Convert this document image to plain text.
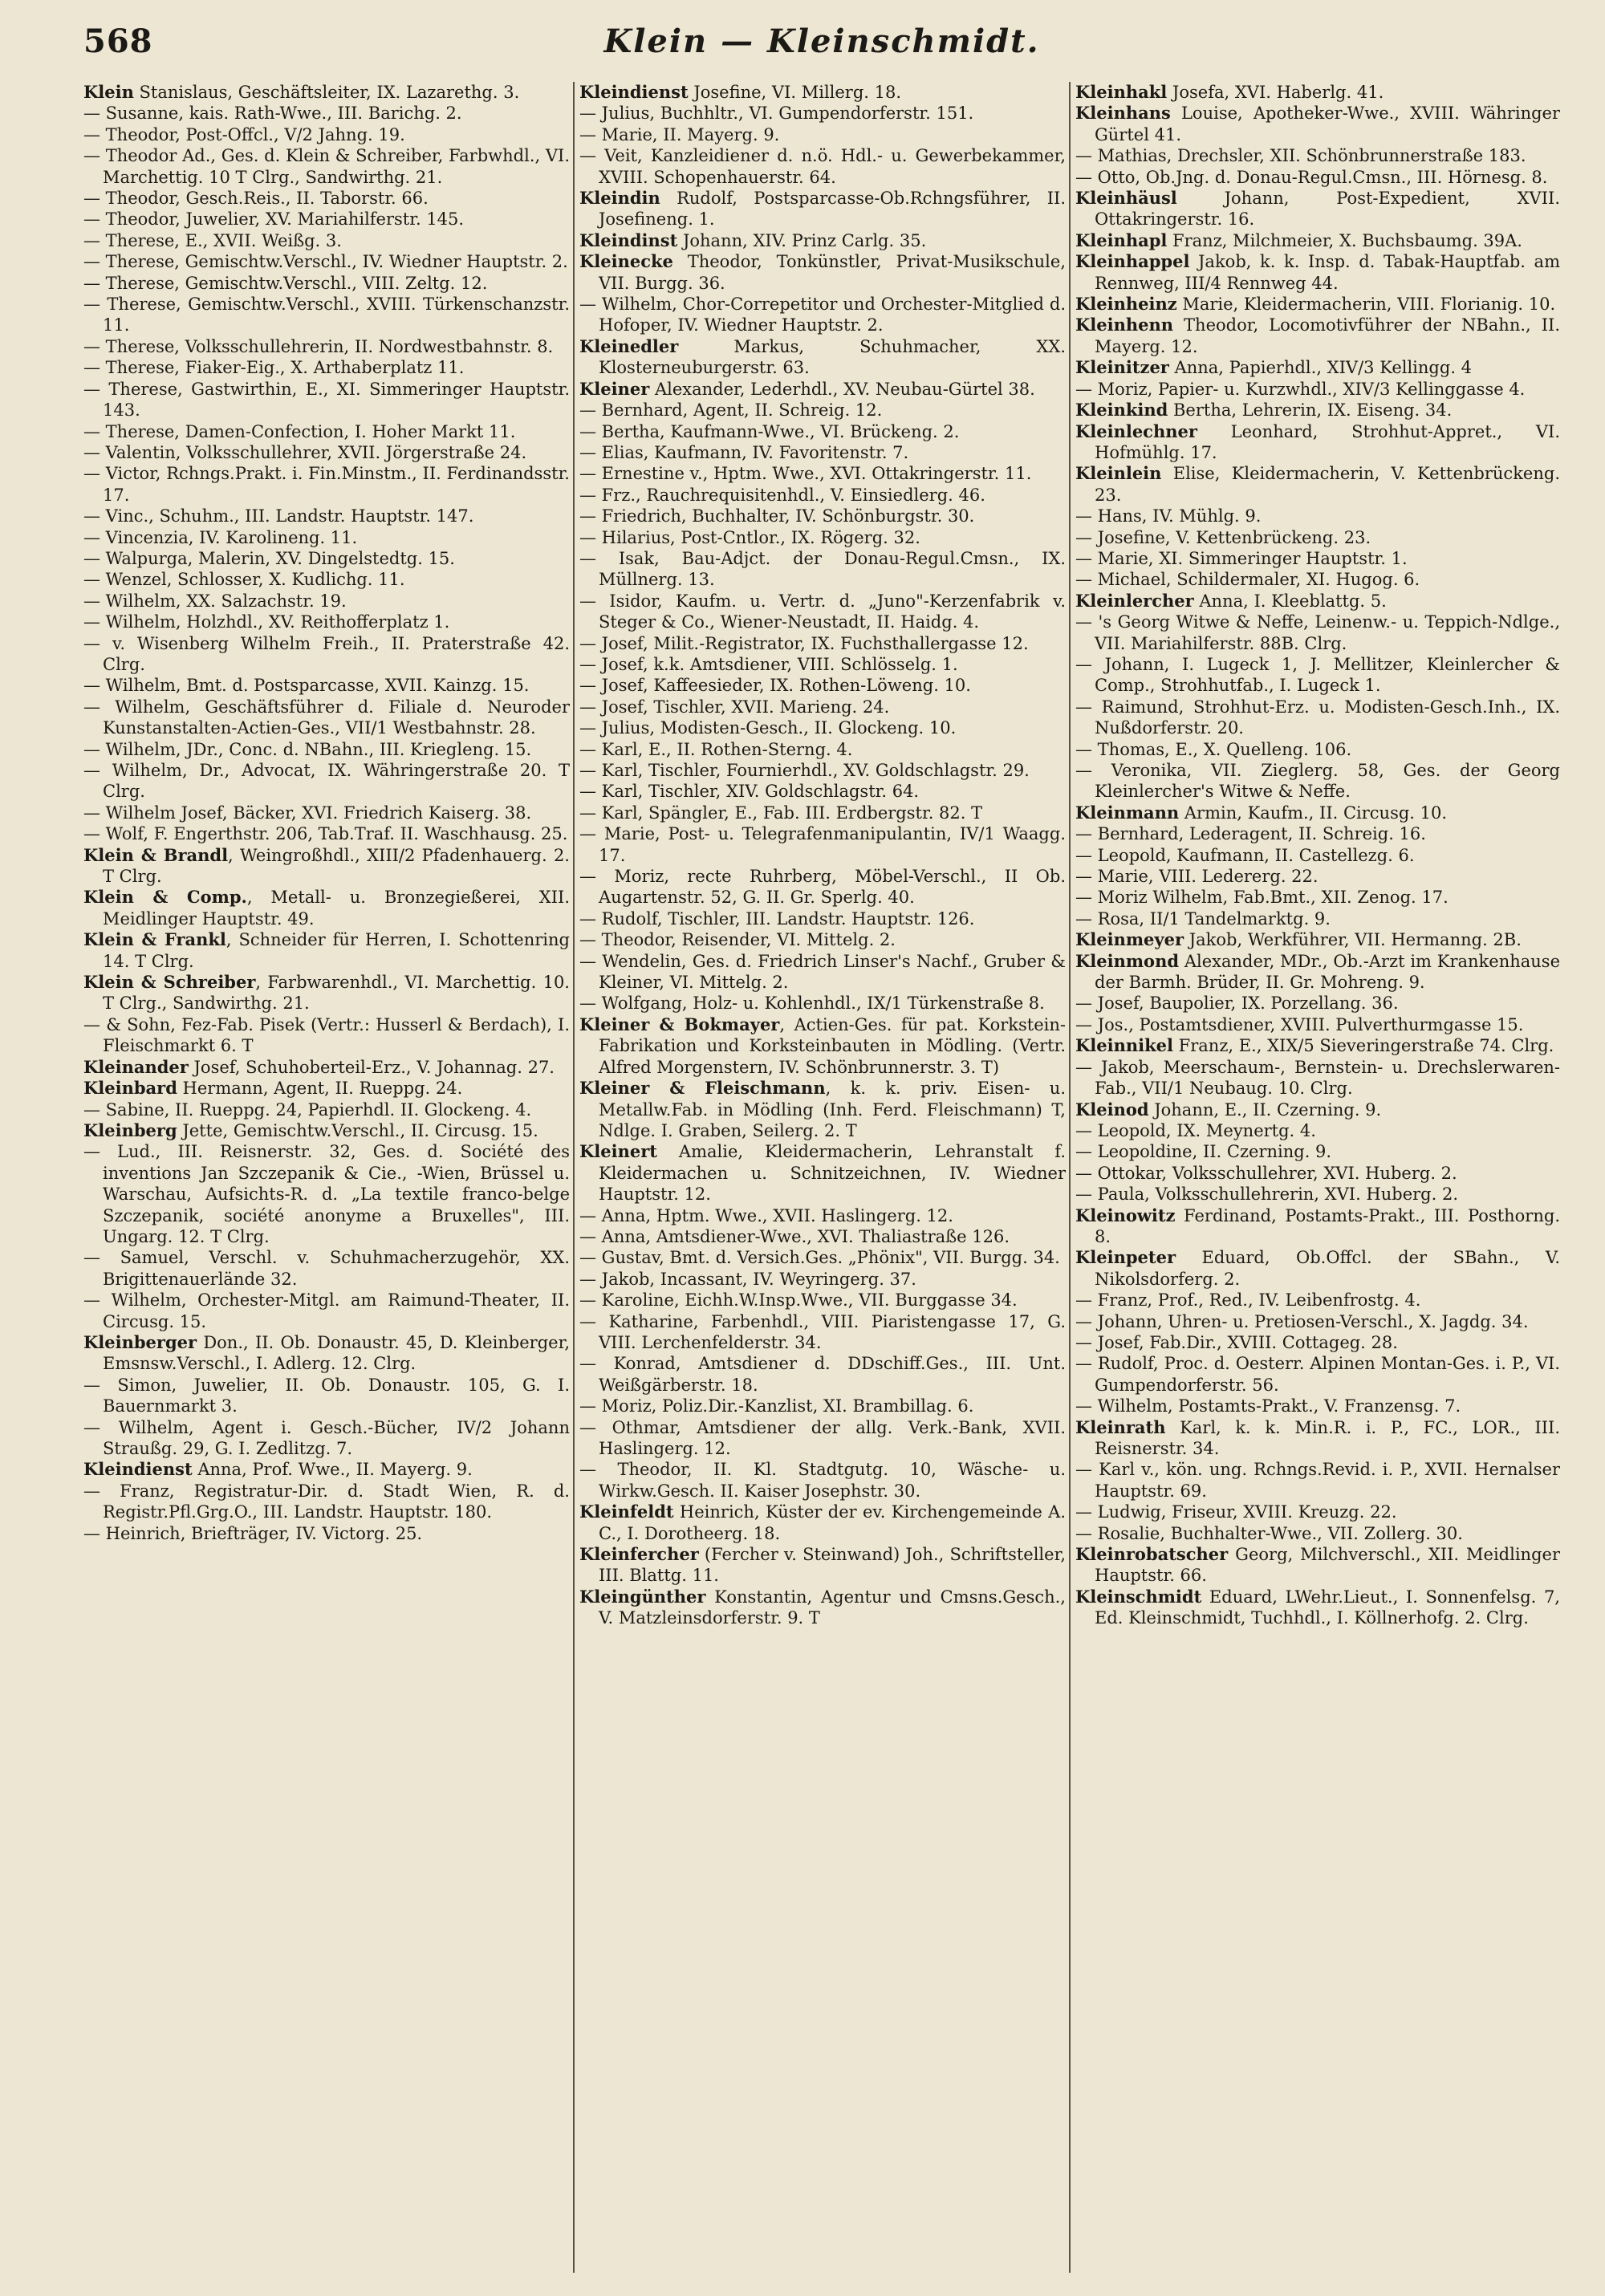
568	Klein — Kleinschmidt.

Klein Stanislaus, Geschäftsleiter, IX. Lazarethg. 3.

— Susanne, kais. Rath-Wwe., III. Barichg. 2.

— Theodor, Post-Offcl., V/2 Jahng. 19.

— Theodor Ad., Ges. d. Klein & Schreiber, Farbwhdl., VI. Marchettig. 10 T Clrg., Sandwirthg. 21.

— Theodor, Gesch.Reis., II. Taborstr. 66.

— Theodor, Juwelier, XV. Mariahilferstr. 145.

— Therese, E., XVII. Weißg. 3.

— Therese, Gemischtw.Verschl., IV. Wiedner Hauptstr. 2.

— Therese, Gemischtw.Verschl., VIII. Zeltg. 12.

— Therese, Gemischtw.Verschl., XVIII. Türkenschanzstr. 11.

— Therese, Volksschullehrerin, II. Nordwestbahnstr. 8.

— Therese, Fiaker-Eig., X. Arthaberplatz 11.

— Therese, Gastwirthin, E., XI. Simmeringer Hauptstr. 143.

— Therese, Damen-Confection, I. Hoher Markt 11.

— Valentin, Volksschullehrer, XVII. Jörgerstraße 24.

— Victor, Rchngs.Prakt. i. Fin.Minstm., II. Ferdinandsstr. 17.

— Vinc., Schuhm., III. Landstr. Hauptstr. 147.

— Vincenzia, IV. Karolineng. 11.

— Walpurga, Malerin, XV. Dingelstedtg. 15.

— Wenzel, Schlosser, X. Kudlichg. 11.

— Wilhelm, XX. Salzachstr. 19.

— Wilhelm, Holzhdl., XV. Reithofferplatz 1.

— v. Wisenberg Wilhelm Freih., II. Praterstraße 42. Clrg.

— Wilhelm, Bmt. d. Postsparcasse, XVII. Kainzg. 15.

— Wilhelm, Geschäftsführer d. Filiale d. Neuroder Kunstanstalten-Actien-Ges., VII/1 Westbahnstr. 28.

— Wilhelm, JDr., Conc. d. NBahn., III. Kriegleng. 15.

— Wilhelm, Dr., Advocat, IX. Währingerstraße 20. T Clrg.

— Wilhelm Josef, Bäcker, XVI. Friedrich Kaiserg. 38.

— Wolf, F. Engerthstr. 206, Tab.Traf. II. Waschhausg. 25.

Klein & Brandl, Weingroßhdl., XIII/2 Pfadenhauerg. 2. T Clrg.

Klein & Comp., Metall- u. Bronzegießerei, XII. Meidlinger Hauptstr. 49.

Klein & Frankl, Schneider für Herren, I. Schottenring 14. T Clrg.

Klein & Schreiber, Farbwarenhdl., VI. Marchettig. 10. T Clrg., Sandwirthg. 21.

— & Sohn, Fez-Fab. Pisek (Vertr.: Husserl & Berdach), I. Fleischmarkt 6. T

Kleinander Josef, Schuhoberteil-Erz., V. Johannag. 27.

Kleinbard Hermann, Agent, II. Rueppg. 24.

— Sabine, II. Rueppg. 24, Papierhdl. II. Glockeng. 4.

Kleinberg Jette, Gemischtw.Verschl., II. Circusg. 15.

— Lud., III. Reisnerstr. 32, Ges. d. Société des inventions Jan Szczepanik & Cie., -Wien, Brüssel u. Warschau, Aufsichts-R. d. „La textile franco-belge Szczepanik, société anonyme a Bruxelles", III. Ungarg. 12. T Clrg.

— Samuel, Verschl. v. Schuhmacherzugehör, XX. Brigittenauerlände 32.

— Wilhelm, Orchester-Mitgl. am Raimund-Theater, II. Circusg. 15.

Kleinberger Don., II. Ob. Donaustr. 45, D. Kleinberger, Emsnsw.Verschl., I. Adlerg. 12. Clrg.

— Simon, Juwelier, II. Ob. Donaustr. 105, G. I. Bauernmarkt 3.

— Wilhelm, Agent i. Gesch.-Bücher, IV/2 Johann Straußg. 29, G. I. Zedlitzg. 7.

Kleindienst Anna, Prof. Wwe., II. Mayerg. 9.

— Franz, Registratur-Dir. d. Stadt Wien, R. d. Registr.Pfl.Grg.O., III. Landstr. Hauptstr. 180.

— Heinrich, Briefträger, IV. Victorg. 25.

Kleindienst Josefine, VI. Millerg. 18.

— Julius, Buchhltr., VI. Gumpendorferstr. 151.

— Marie, II. Mayerg. 9.

— Veit, Kanzleidiener d. n.ö. Hdl.- u. Gewerbekammer, XVIII. Schopenhauerstr. 64.

Kleindin Rudolf, Postsparcasse-Ob.Rchngsführer, II. Josefineng. 1.

Kleindinst Johann, XIV. Prinz Carlg. 35.

Kleinecke Theodor, Tonkünstler, Privat-Musikschule, VII. Burgg. 36.

— Wilhelm, Chor-Correpetitor und Orchester-Mitglied d. Hofoper, IV. Wiedner Hauptstr. 2.

Kleinedler Markus, Schuhmacher, XX. Klosterneuburgerstr. 63.

Kleiner Alexander, Lederhdl., XV. Neubau-Gürtel 38.

— Bernhard, Agent, II. Schreig. 12.

— Bertha, Kaufmann-Wwe., VI. Brückeng. 2.

— Elias, Kaufmann, IV. Favoritenstr. 7.

— Ernestine v., Hptm. Wwe., XVI. Ottakringerstr. 11.

— Frz., Rauchrequisitenhdl., V. Einsiedlerg. 46.

— Friedrich, Buchhalter, IV. Schönburgstr. 30.

— Hilarius, Post-Cntlor., IX. Rögerg. 32.

— Isak, Bau-Adjct. der Donau-Regul.Cmsn., IX. Müllnerg. 13.

— Isidor, Kaufm. u. Vertr. d. „Juno"-Kerzenfabrik v. Steger & Co., Wiener-Neustadt, II. Haidg. 4.

— Josef, Milit.-Registrator, IX. Fuchsthallergasse 12.

— Josef, k.k. Amtsdiener, VIII. Schlösselg. 1.

— Josef, Kaffeesieder, IX. Rothen-Löweng. 10.

— Josef, Tischler, XVII. Marieng. 24.

— Julius, Modisten-Gesch., II. Glockeng. 10.

— Karl, E., II. Rothen-Sterng. 4.

— Karl, Tischler, Fournierhdl., XV. Goldschlagstr. 29.

— Karl, Tischler, XIV. Goldschlagstr. 64.

— Karl, Spängler, E., Fab. III. Erdbergstr. 82. T

— Marie, Post- u. Telegrafenmanipulantin, IV/1 Waagg. 17.

— Moriz, recte Ruhrberg, Möbel-Verschl., II Ob. Augartenstr. 52, G. II. Gr. Sperlg. 40.

— Rudolf, Tischler, III. Landstr. Hauptstr. 126.

— Theodor, Reisender, VI. Mittelg. 2.

— Wendelin, Ges. d. Friedrich Linser's Nachf., Gruber & Kleiner, VI. Mittelg. 2.

— Wolfgang, Holz- u. Kohlenhdl., IX/1 Türkenstraße 8.

Kleiner & Bokmayer, Actien-Ges. für pat. Korkstein-Fabrikation und Korksteinbauten in Mödling. (Vertr. Alfred Morgenstern, IV. Schönbrunnerstr. 3. T)

Kleiner & Fleischmann, k. k. priv. Eisen- u. Metallw.Fab. in Mödling (Inh. Ferd. Fleischmann) T, Ndlge. I. Graben, Seilerg. 2. T

Kleinert Amalie, Kleidermacherin, Lehranstalt f. Kleidermachen u. Schnitzeichnen, IV. Wiedner Hauptstr. 12.

— Anna, Hptm. Wwe., XVII. Haslingerg. 12.

— Anna, Amtsdiener-Wwe., XVI. Thaliastraße 126.

— Gustav, Bmt. d. Versich.Ges. „Phönix", VII. Burgg. 34.

— Jakob, Incassant, IV. Weyringerg. 37.

— Karoline, Eichh.W.Insp.Wwe., VII. Burggasse 34.

— Katharine, Farbenhdl., VIII. Piaristengasse 17, G. VIII. Lerchenfelderstr. 34.

— Konrad, Amtsdiener d. DDschiff.Ges., III. Unt. Weißgärberstr. 18.

— Moriz, Poliz.Dir.-Kanzlist, XI. Brambillag. 6.

— Othmar, Amtsdiener der allg. Verk.-Bank, XVII. Haslingerg. 12.

— Theodor, II. Kl. Stadtgutg. 10, Wäsche- u. Wirkw.Gesch. II. Kaiser Josephstr. 30.

Kleinfeldt Heinrich, Küster der ev. Kirchengemeinde A. C., I. Dorotheerg. 18.

Kleinfercher (Fercher v. Steinwand) Joh., Schriftsteller, III. Blattg. 11.

Kleingünther Konstantin, Agentur und Cmsns.Gesch., V. Matzleinsdorferstr. 9. T

Kleinhakl Josefa, XVI. Haberlg. 41.

Kleinhans Louise, Apotheker-Wwe., XVIII. Währinger Gürtel 41.

— Mathias, Drechsler, XII. Schönbrunnerstraße 183.

— Otto, Ob.Jng. d. Donau-Regul.Cmsn., III. Hörnesg. 8.

Kleinhäusl Johann, Post-Expedient, XVII. Ottakringerstr. 16.

Kleinhapl Franz, Milchmeier, X. Buchsbaumg. 39A.

Kleinhappel Jakob, k. k. Insp. d. Tabak-Hauptfab. am Rennweg, III/4 Rennweg 44.

Kleinheinz Marie, Kleidermacherin, VIII. Florianig. 10.

Kleinhenn Theodor, Locomotivführer der NBahn., II. Mayerg. 12.

Kleinitzer Anna, Papierhdl., XIV/3 Kellingg. 4

— Moriz, Papier- u. Kurzwhdl., XIV/3 Kellinggasse 4.

Kleinkind Bertha, Lehrerin, IX. Eiseng. 34.

Kleinlechner Leonhard, Strohhut-Appret., VI. Hofmühlg. 17.

Kleinlein Elise, Kleidermacherin, V. Kettenbrückeng. 23.

— Hans, IV. Mühlg. 9.

— Josefine, V. Kettenbrückeng. 23.

— Marie, XI. Simmeringer Hauptstr. 1.

— Michael, Schildermaler, XI. Hugog. 6.

Kleinlercher Anna, I. Kleeblattg. 5.

— 's Georg Witwe & Neffe, Leinenw.- u. Teppich-Ndlge., VII. Mariahilferstr. 88B. Clrg.

— Johann, I. Lugeck 1, J. Mellitzer, Kleinlercher & Comp., Strohhutfab., I. Lugeck 1.

— Raimund, Strohhut-Erz. u. Modisten-Gesch.Inh., IX. Nußdorferstr. 20.

— Thomas, E., X. Quelleng. 106.

— Veronika, VII. Zieglerg. 58, Ges. der Georg Kleinlercher's Witwe & Neffe.

Kleinmann Armin, Kaufm., II. Circusg. 10.

— Bernhard, Lederagent, II. Schreig. 16.

— Leopold, Kaufmann, II. Castellezg. 6.

— Marie, VIII. Ledererg. 22.

— Moriz Wilhelm, Fab.Bmt., XII. Zenog. 17.

— Rosa, II/1 Tandelmarktg. 9.

Kleinmeyer Jakob, Werkführer, VII. Hermanng. 2B.

Kleinmond Alexander, MDr., Ob.-Arzt im Krankenhause der Barmh. Brüder, II. Gr. Mohreng. 9.

— Josef, Baupolier, IX. Porzellang. 36.

— Jos., Postamtsdiener, XVIII. Pulverthurmgasse 15.

Kleinnikel Franz, E., XIX/5 Sieveringerstraße 74. Clrg.

— Jakob, Meerschaum-, Bernstein- u. Drechslerwaren-Fab., VII/1 Neubaug. 10. Clrg.

Kleinod Johann, E., II. Czerning. 9.

— Leopold, IX. Meynertg. 4.

— Leopoldine, II. Czerning. 9.

— Ottokar, Volksschullehrer, XVI. Huberg. 2.

— Paula, Volksschullehrerin, XVI. Huberg. 2.

Kleinowitz Ferdinand, Postamts-Prakt., III. Posthorng. 8.

Kleinpeter Eduard, Ob.Offcl. der SBahn., V. Nikolsdorferg. 2.

— Franz, Prof., Red., IV. Leibenfrostg. 4.

— Johann, Uhren- u. Pretiosen-Verschl., X. Jagdg. 34.

— Josef, Fab.Dir., XVIII. Cottageg. 28.

— Rudolf, Proc. d. Oesterr. Alpinen Montan-Ges. i. P., VI. Gumpendorferstr. 56.

— Wilhelm, Postamts-Prakt., V. Franzensg. 7.

Kleinrath Karl, k. k. Min.R. i. P., FC., LOR., III. Reisnerstr. 34.

— Karl v., kön. ung. Rchngs.Revid. i. P., XVII. Hernalser Hauptstr. 69.

— Ludwig, Friseur, XVIII. Kreuzg. 22.

— Rosalie, Buchhalter-Wwe., VII. Zollerg. 30.

Kleinrobatscher Georg, Milchverschl., XII. Meidlinger Hauptstr. 66.

Kleinschmidt Eduard, LWehr.Lieut., I. Sonnenfelsg. 7, Ed. Kleinschmidt, Tuchhdl., I. Köllnerhofg. 2. Clrg.
